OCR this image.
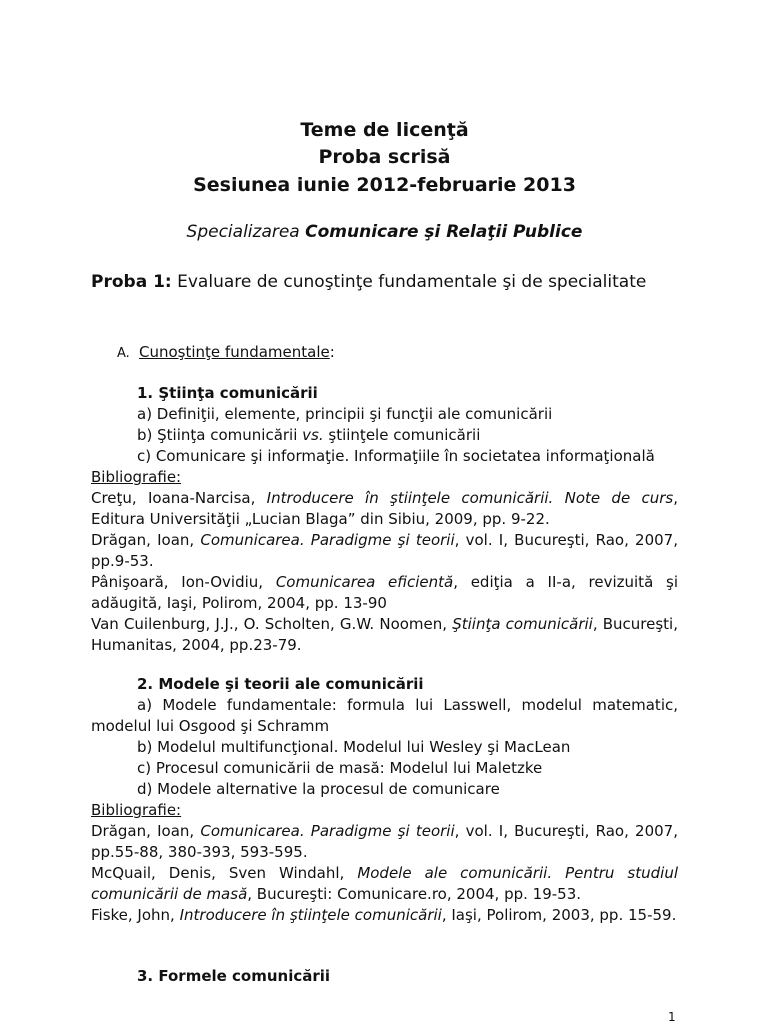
Teme de licenţă
Proba scrisă
Sesiunea iunie 2012-februarie 2013
Specializarea Comunicare şi Relaţii Publice
Proba 1: Evaluare de cunoştinţe fundamentale şi de specialitate
A. Cunoştinţe fundamentale:
1. Ştiinţa comunicării
a) Definiţii, elemente, principii şi funcţii ale comunicării
b) Ştiinţa comunicării vs. ştiinţele comunicării
c) Comunicare şi informaţie. Informaţiile în societatea informaţională
Bibliografie:
Creţu, Ioana-Narcisa, Introducere în ştiinţele comunicării. Note de curs, Editura Universităţii „Lucian Blaga” din Sibiu, 2009, pp. 9-22.
Drăgan, Ioan, Comunicarea. Paradigme şi teorii, vol. I, Bucureşti, Rao, 2007, pp.9-53.
Pânişoară, Ion-Ovidiu, Comunicarea eficientă, ediţia a II-a, revizuită şi adăugită, Iaşi, Polirom, 2004, pp. 13-90
Van Cuilenburg, J.J., O. Scholten, G.W. Noomen, Ştiinţa comunicării, Bucureşti, Humanitas, 2004, pp.23-79.
2. Modele şi teorii ale comunicării
a) Modele fundamentale: formula lui Lasswell, modelul matematic, modelul lui Osgood şi Schramm
b) Modelul multifuncţional. Modelul lui Wesley şi MacLean
c) Procesul comunicării de masă: Modelul lui Maletzke
d) Modele alternative la procesul de comunicare
Bibliografie:
Drăgan, Ioan, Comunicarea. Paradigme şi teorii, vol. I, Bucureşti, Rao, 2007, pp.55-88, 380-393, 593-595.
McQuail, Denis, Sven Windahl, Modele ale comunicării. Pentru studiul comunicării de masă, Bucureşti: Comunicare.ro, 2004, pp. 19-53.
Fiske, John, Introducere în ştiinţele comunicării, Iaşi, Polirom, 2003, pp. 15-59.
3. Formele comunicării
1
